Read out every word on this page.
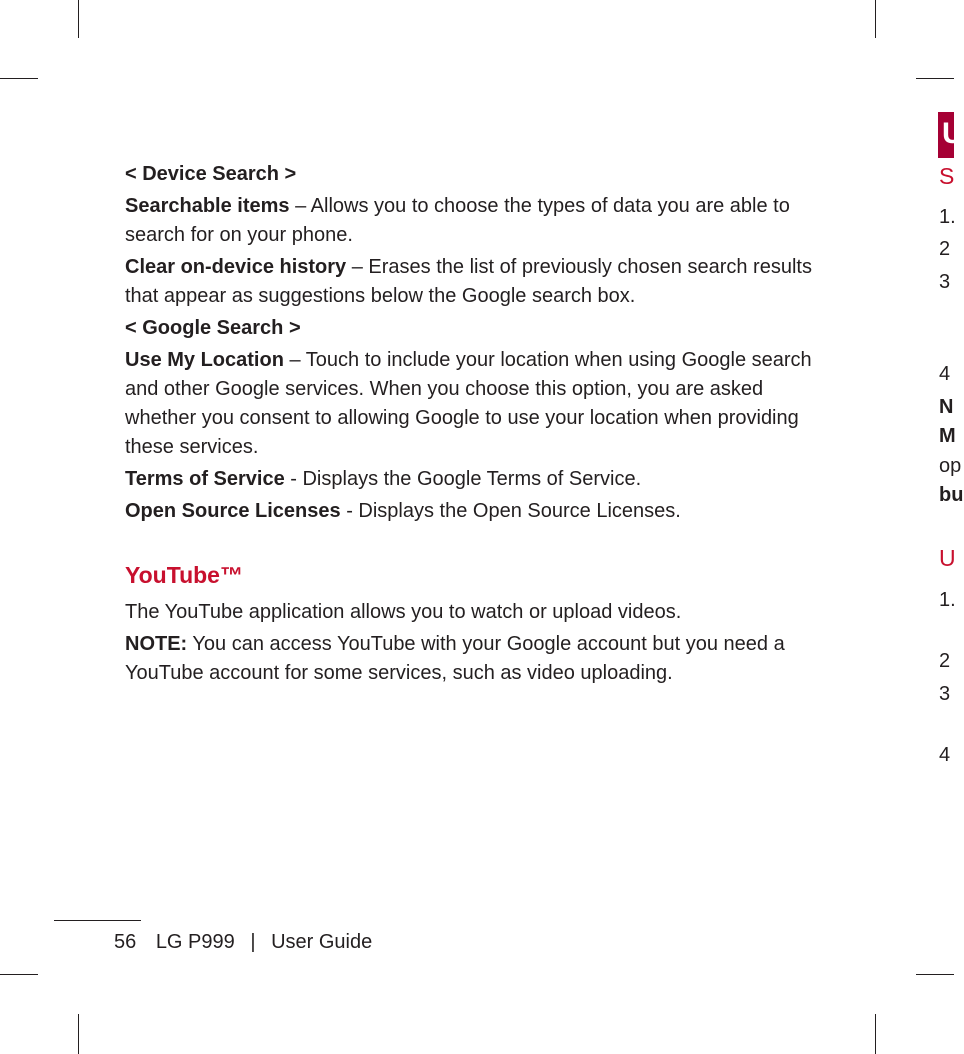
< Device Search >

Searchable items – Allows you to choose the types of data you are able to search for on your phone.

Clear on-device history – Erases the list of previously chosen search results that appear as suggestions below the Google search box.

< Google Search >

Use My Location – Touch to include your location when using Google search and other Google services. When you choose this option, you are asked whether you consent to allowing Google to use your location when providing these services.

Terms of Service - Displays the Google Terms of Service.

Open Source Licenses - Displays the Open Source Licenses.

YouTube™

The YouTube application allows you to watch or upload videos.

NOTE: You can access YouTube with your Google account but you need a YouTube account for some services, such as video uploading.

56 LG P999 | User Guide
U
S
1.
2
3
4
N
M
op
bu
U
1.
2
3
4
